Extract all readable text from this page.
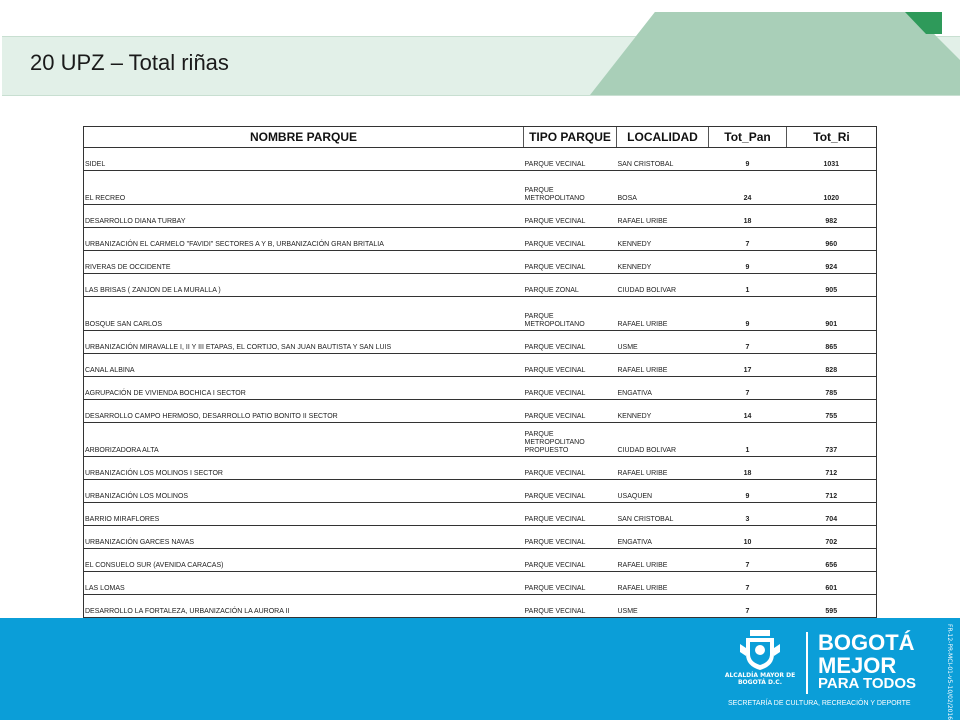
20 UPZ – Total riñas
NOMBRE PARQUE	TIPO PARQUE	LOCALIDAD	Tot_Pan	Tot_Ri
SIDEL	PARQUE VECINAL	SAN CRISTOBAL	9	1031
EL RECREO	PARQUE METROPOLITANO	BOSA	24	1020
DESARROLLO DIANA TURBAY	PARQUE VECINAL	RAFAEL URIBE	18	982
URBANIZACIÓN EL CARMELO "FAVIDI" SECTORES A Y B, URBANIZACIÓN GRAN BRITALIA	PARQUE VECINAL	KENNEDY	7	960
RIVERAS DE OCCIDENTE	PARQUE VECINAL	KENNEDY	9	924
LAS BRISAS ( ZANJON DE LA MURALLA )	PARQUE ZONAL	CIUDAD BOLIVAR	1	905
BOSQUE SAN CARLOS	PARQUE METROPOLITANO	RAFAEL URIBE	9	901
URBANIZACIÓN MIRAVALLE I, II Y III ETAPAS, EL CORTIJO, SAN JUAN BAUTISTA Y SAN LUIS	PARQUE VECINAL	USME	7	865
CANAL ALBINA	PARQUE VECINAL	RAFAEL URIBE	17	828
AGRUPACIÓN DE VIVIENDA BOCHICA I SECTOR	PARQUE VECINAL	ENGATIVA	7	785
DESARROLLO CAMPO HERMOSO, DESARROLLO PATIO BONITO II SECTOR	PARQUE VECINAL	KENNEDY	14	755
ARBORIZADORA ALTA	PARQUE METROPOLITANO PROPUESTO	CIUDAD BOLIVAR	1	737
URBANIZACIÓN LOS MOLINOS I SECTOR	PARQUE VECINAL	RAFAEL URIBE	18	712
URBANIZACIÓN LOS MOLINOS	PARQUE VECINAL	USAQUEN	9	712
BARRIO MIRAFLORES	PARQUE VECINAL	SAN CRISTOBAL	3	704
URBANIZACIÓN GARCES NAVAS	PARQUE VECINAL	ENGATIVA	10	702
EL CONSUELO SUR (AVENIDA CARACAS)	PARQUE VECINAL	RAFAEL URIBE	7	656
LAS LOMAS	PARQUE VECINAL	RAFAEL URIBE	7	601
DESARROLLO LA FORTALEZA, URBANIZACIÓN LA AURORA II	PARQUE VECINAL	USME	7	595
ALCALDÍA MAYOR DE BOGOTÁ D.C.
BOGOTÁ
MEJOR
PARA TODOS
SECRETARÍA DE CULTURA, RECREACIÓN Y DEPORTE	FR-12-PR-MCI-01-v5-10/02/2016
